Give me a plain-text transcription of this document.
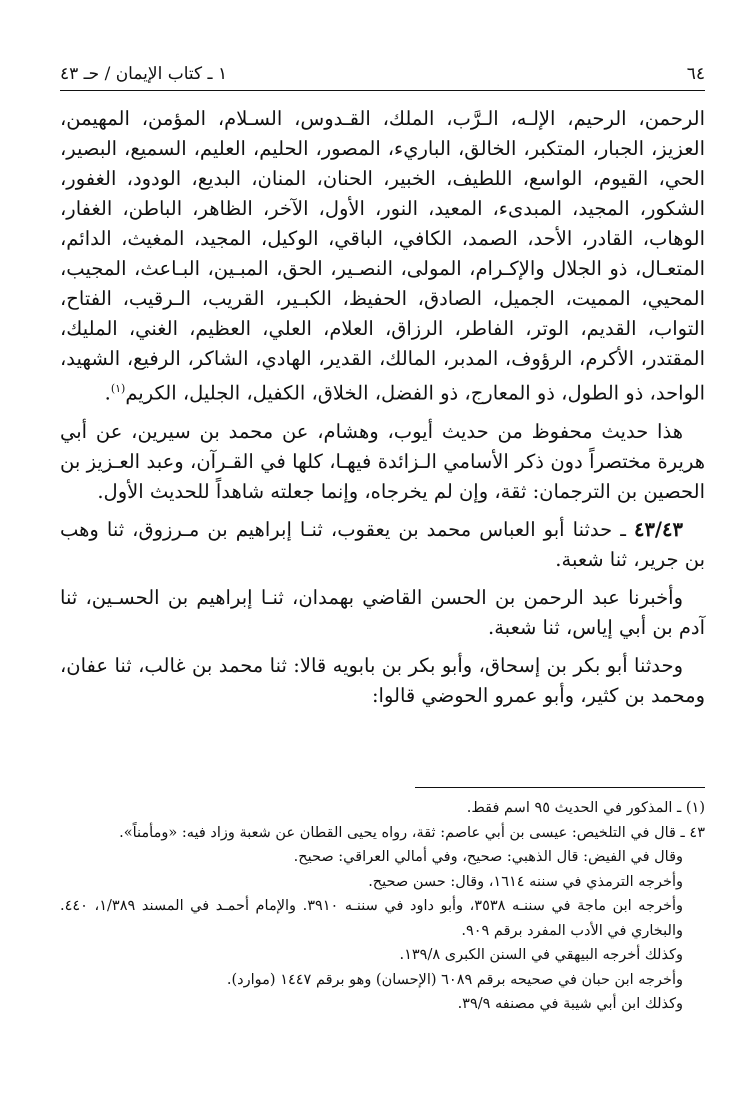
٦٤
١ ـ كتاب الإيمان / حـ ٤٣

الرحمن، الرحيم، الإلـه، الـرَّب، الملك، القـدوس، السـلام، المؤمن، المهيمن، العزيز، الجبار، المتكبر، الخالق، الباريء، المصور، الحليم، العليم، السميع، البصير، الحي، القيوم، الواسع، اللطيف، الخبير، الحنان، المنان، البديع، الودود، الغفور، الشكور، المجيد، المبدىء، المعيد، النور، الأول، الآخر، الظاهر، الباطن، الغفار، الوهاب، القادر، الأحد، الصمد، الكافي، الباقي، الوكيل، المجيد، المغيث، الدائم، المتعـال، ذو الجلال والإكـرام، المولى، النصـير، الحق، المبـين، البـاعث، المجيب، المحيي، المميت، الجميل، الصادق، الحفيظ، الكبـير، القريب، الـرقيب، الفتاح، التواب، القديم، الوتر، الفاطر، الرزاق، العلام، العلي، العظيم، الغني، المليك، المقتدر، الأكرم، الرؤوف، المدبر، المالك، القدير، الهادي، الشاكر، الرفيع، الشهيد، الواحد، ذو الطول، ذو المعارج، ذو الفضل، الخلاق، الكفيل، الجليل، الكريم$^{(١)}$.

هذا حديث محفوظ من حديث أيوب، وهشام، عن محمد بن سيرين، عن أبي هريرة مختصراً دون ذكر الأسامي الـزائدة فيهـا، كلها في القـرآن، وعبد العـزيز بن الحصين بن الترجمان: ثقة، وإن لم يخرجاه، وإنما جعلته شاهداً للحديث الأول.

٤٣/٤٣ ـ حدثنا أبو العباس محمد بن يعقوب، ثنـا إبراهيم بن مـرزوق، ثنا وهب بن جرير، ثنا شعبة.

وأخبرنا عبد الرحمن بن الحسن القاضي بهمدان، ثنـا إبراهيم بن الحسـين، ثنا آدم بن أبي إياس، ثنا شعبة.

وحدثنا أبو بكر بن إسحاق، وأبو بكر بن بابويه قالا: ثنا محمد بن غالب، ثنا عفان، ومحمد بن كثير، وأبو عمرو الحوضي قالوا:

(١) ـ المذكور في الحديث ٩٥ اسم فقط.

٤٣ ـ قال في التلخيص: عيسى بن أبي عاصم: ثقة، رواه يحيى القطان عن شعبة وزاد فيه: «ومأمناً».

وقال في الفيض: قال الذهبي: صحيح، وفي أمالي العراقي: صحيح.

وأخرجه الترمذي في سننه ١٦١٤، وقال: حسن صحيح.

وأخرجه ابن ماجة في سننـه ٣٥٣٨، وأبو داود في سننـه ٣٩١٠. والإمام أحمـد في المسند ١/٣٨٩، ٤٤٠. والبخاري في الأدب المفرد برقم ٩٠٩.

وكذلك أخرجه البيهقي في السنن الكبرى ١٣٩/٨.

وأخرجه ابن حبان في صحيحه برقم ٦٠٨٩ (الإحسان) وهو برقم ١٤٤٧ (موارد).

وكذلك ابن أبي شيبة في مصنفه ٣٩/٩.
